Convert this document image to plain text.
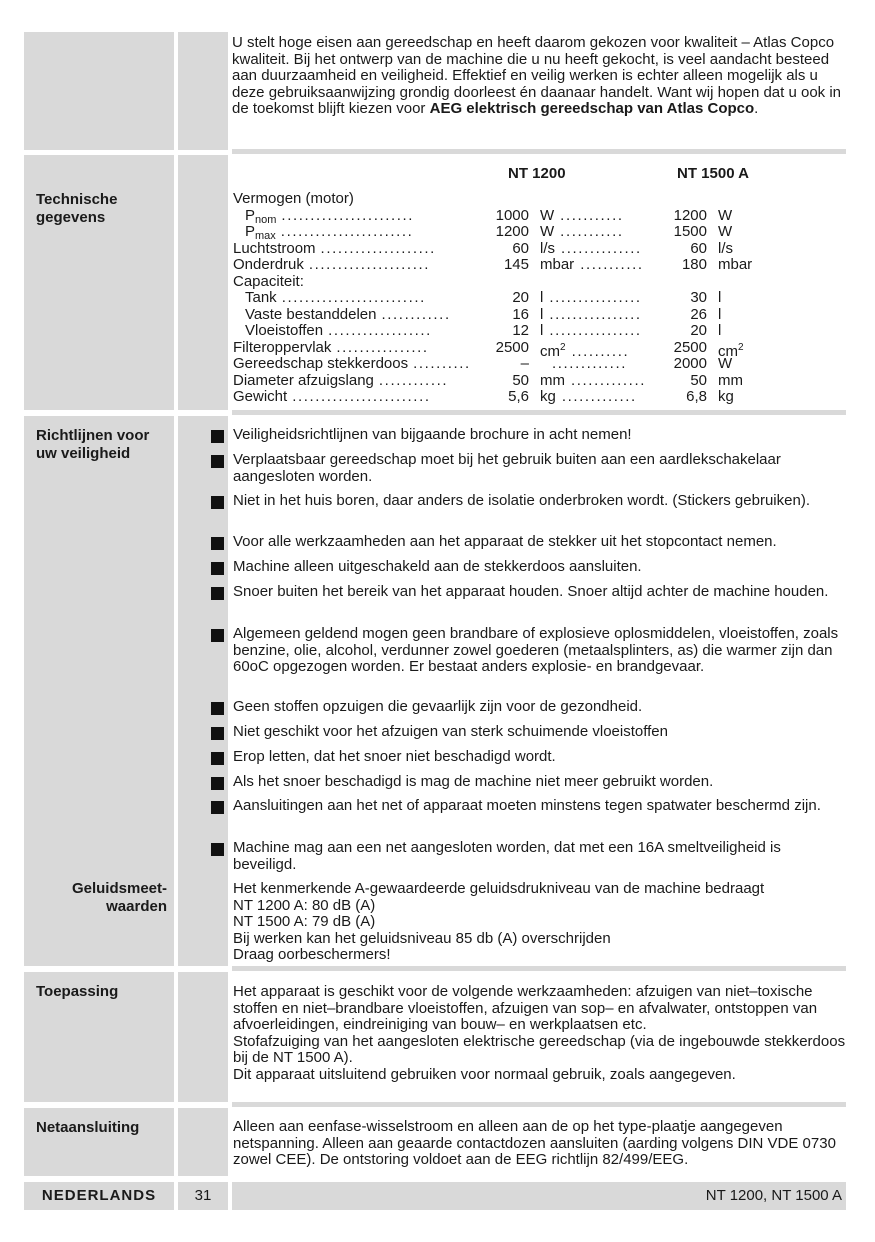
U stelt hoge eisen aan gereedschap en heeft daarom gekozen voor kwaliteit – Atlas Copco kwaliteit. Bij het ontwerp van de machine die u nu heeft gekocht, is veel aandacht besteed aan duurzaamheid en veiligheid. Effektief en veilig werken is echter alleen mogelijk als u deze gebruiksaanwijzing grondig doorleest én daanaar handelt. Want wij hopen dat u ook in de toekomst blijft kiezen voor AEG elektrisch gereedschap van Atlas Copco.
Technische gegevens
NT 1200	NT 1500 A
Vermogen (motor)
$P_{nom}$ .......................	1000 W ...........	1200 W
$P_{max}$ .......................	1200 W ...........	1500 W
Luchtstroom ....................	60 l/s ..............	60 l/s
Onderdruk .....................	145 mbar ...........	180 mbar
Capaciteit:
Tank .........................	20 l ................	30 l
Vaste bestanddelen ............	16 l ................	26 l
Vloeistoffen ..................	12 l ................	20 l
Filteroppervlak ................	2500 $cm^2$ ..........	2500 $cm^2$
Gereedschap stekkerdoos ..........	– .............	2000 W
Diameter afzuigslang ............	50 mm .............	50 mm
Gewicht ........................	5,6 kg .............	6,8 kg
Richtlijnen voor uw veiligheid
Geluidsmeet-
waarden
Veiligheidsrichtlijnen van bijgaande brochure in acht nemen!
Verplaatsbaar gereedschap moet bij het gebruik buiten aan een aardlekschakelaar aangesloten worden.
Niet in het huis boren, daar anders de isolatie onderbroken wordt. (Stickers gebruiken).
Voor alle werkzaamheden aan het apparaat de stekker uit het stopcontact nemen.
Machine alleen uitgeschakeld aan de stekkerdoos aansluiten.
Snoer buiten het bereik van het apparaat houden. Snoer altijd achter de machine houden.
Algemeen geldend mogen geen brandbare of explosieve oplosmiddelen, vloeistoffen, zoals benzine, olie, alcohol, verdunner zowel goederen (metaalsplinters, as) die warmer zijn dan 60oC opgezogen worden. Er bestaat anders explosie- en brandgevaar.
Geen stoffen opzuigen die gevaarlijk zijn voor de gezondheid.
Niet geschikt voor het afzuigen van sterk schuimende vloeistoffen
Erop letten, dat het snoer niet beschadigd wordt.
Als het snoer beschadigd is mag de machine niet meer gebruikt worden.
Aansluitingen aan het net of apparaat moeten minstens tegen spatwater beschermd zijn.
Machine mag aan een net aangesloten worden, dat met een 16A smeltveiligheid is beveiligd.
Het kenmerkende A-gewaardeerde geluidsdrukniveau van de machine bedraagt
NT 1200 A: 80 dB (A)
NT 1500 A: 79 dB (A)
Bij werken kan het geluidsniveau 85 db (A) overschrijden
Draag oorbeschermers!
Toepassing	Het apparaat is geschikt voor de volgende werkzaamheden: afzuigen van niet–toxische stoffen en niet–brandbare vloeistoffen, afzuigen van sop– en afvalwater, ontstoppen van afvoerleidingen, eindreiniging van bouw– en werkplaatsen etc.
Stofafzuiging van het aangesloten elektrische gereedschap (via de ingebouwde stekkerdoos bij de NT 1500 A).
Dit apparaat uitsluitend gebruiken voor normaal gebruik, zoals aangegeven.
Netaansluiting	Alleen aan eenfase-wisselstroom en alleen aan de op het type-plaatje aangegeven netspanning. Alleen aan geaarde contactdozen aansluiten (aarding volgens DIN VDE 0730 zowel CEE). De ontstoring voldoet aan de EEG richtlijn 82/499/EEG.
NEDERLANDS	31	NT 1200, NT 1500 A
